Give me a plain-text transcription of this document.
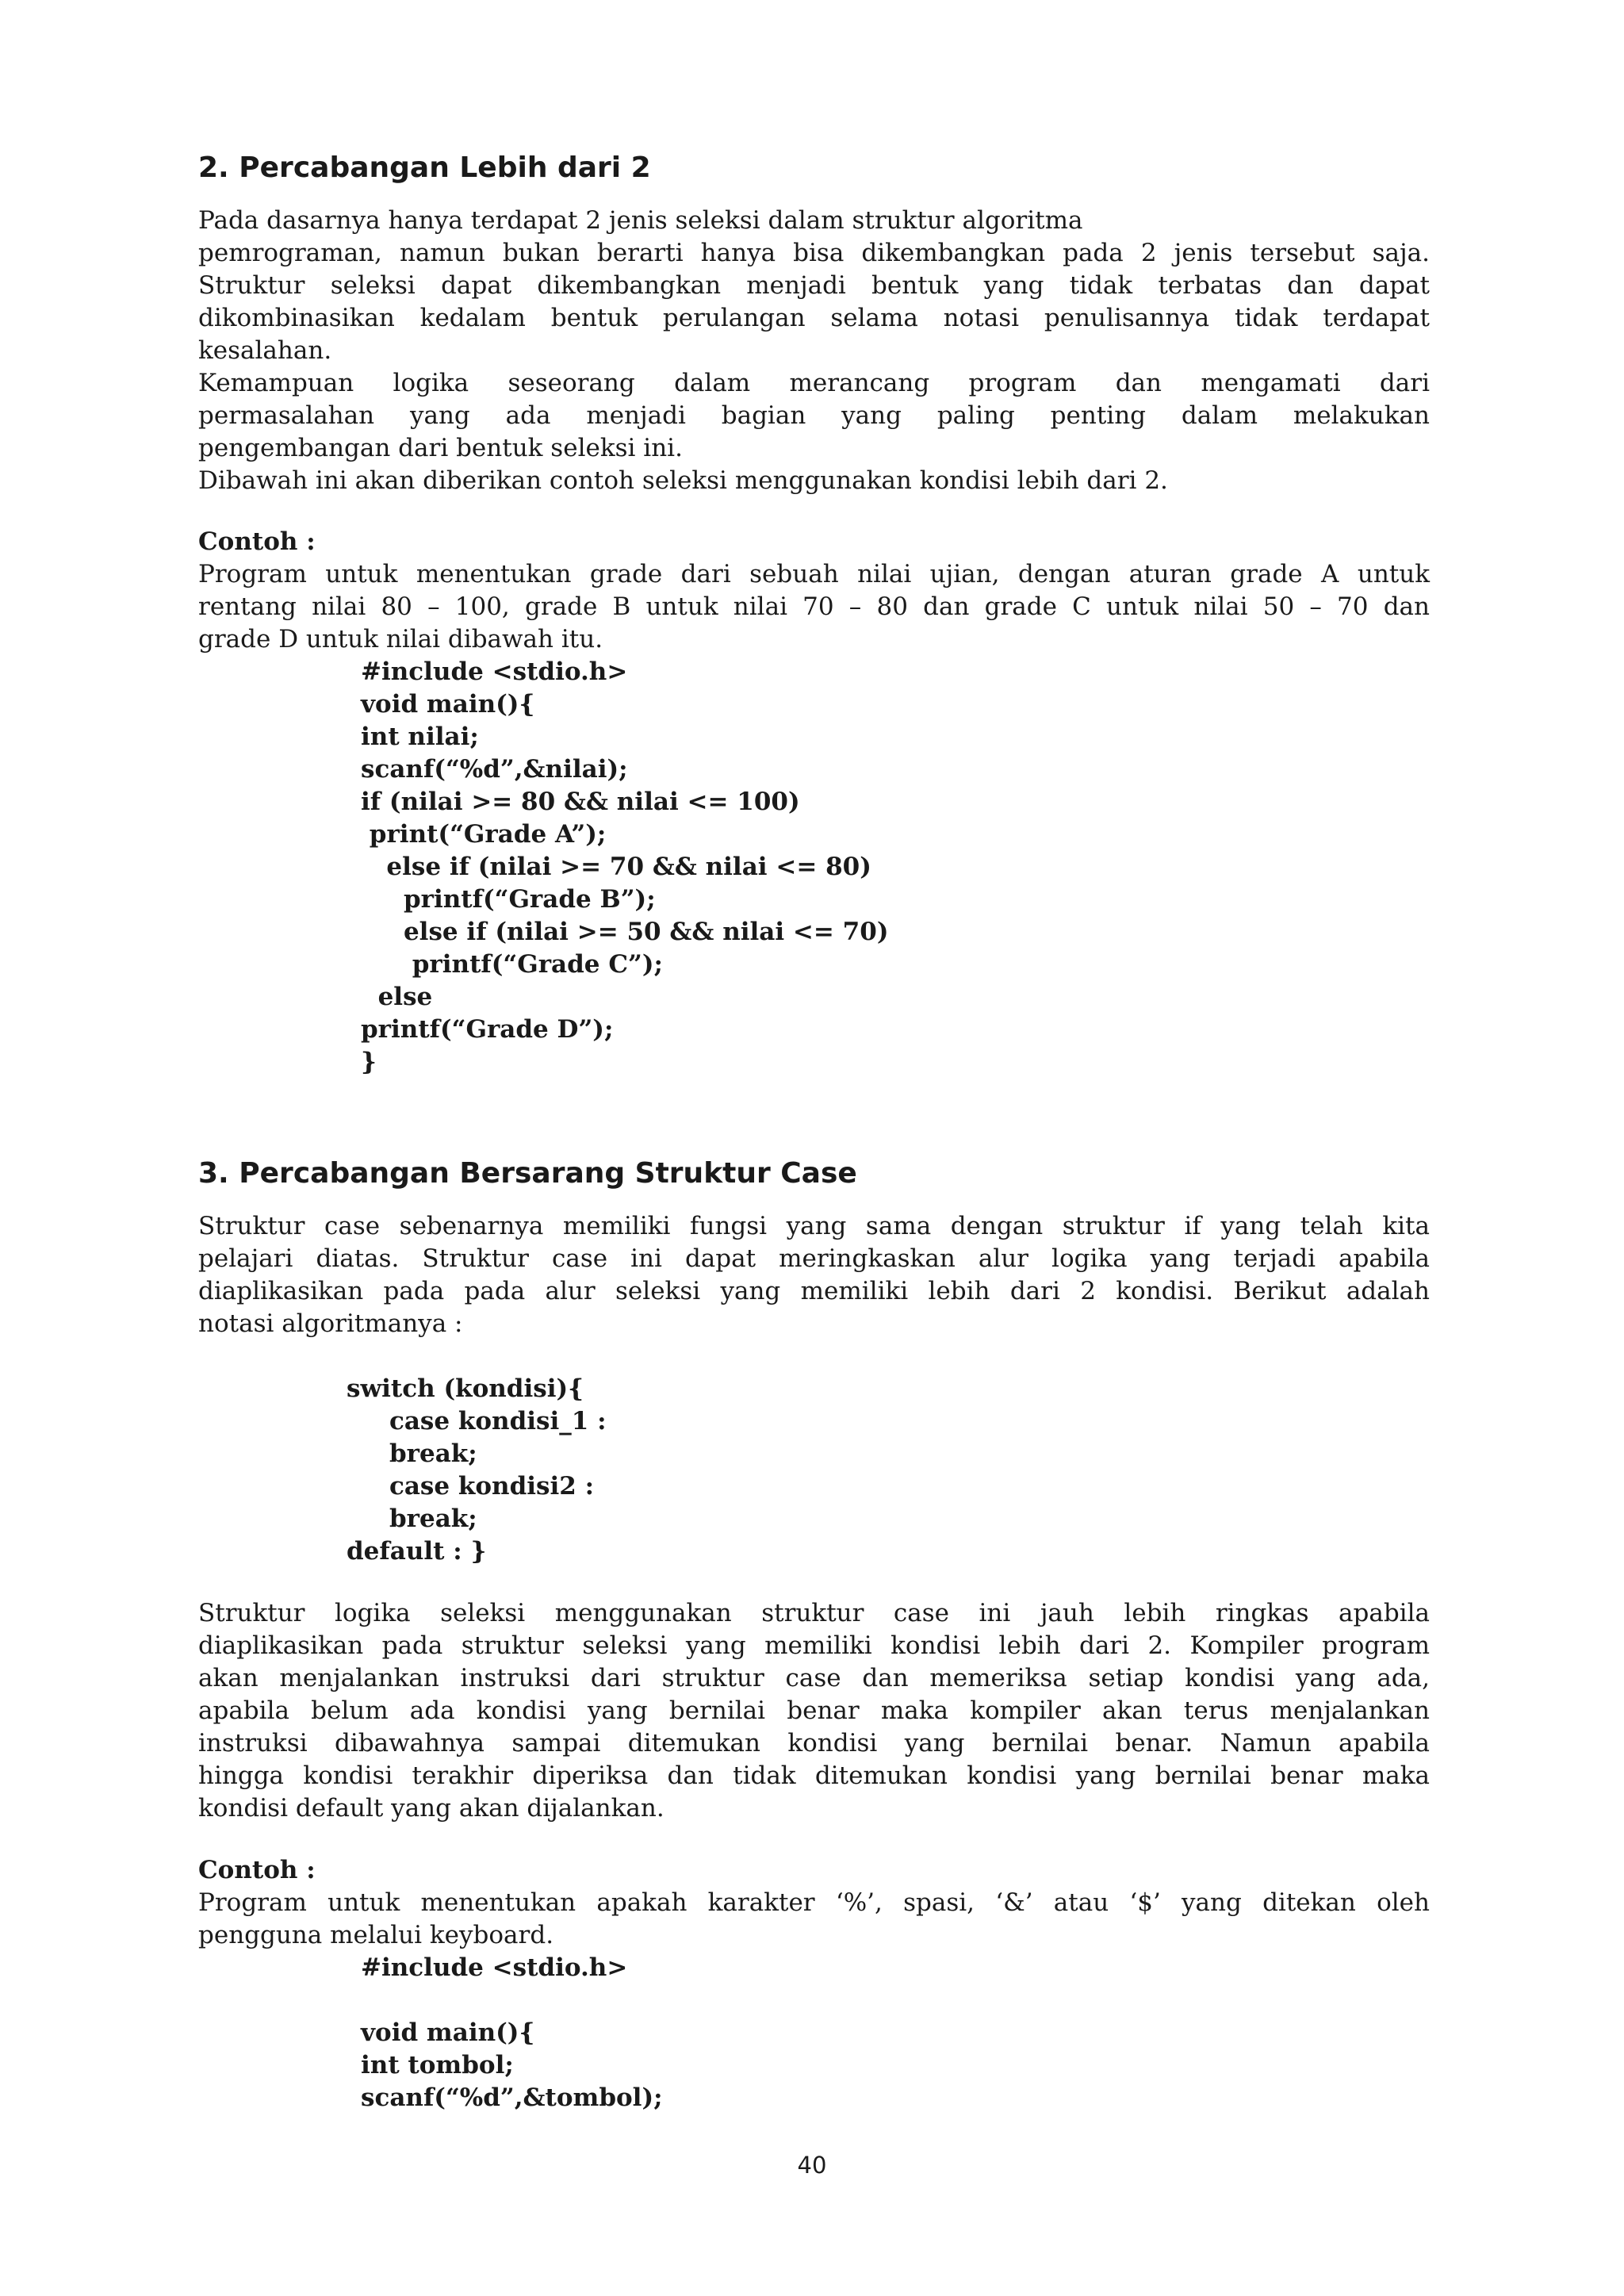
2. Percabangan Lebih dari 2
Pada dasarnya hanya terdapat 2 jenis seleksi dalam struktur algoritma
pemrograman, namun bukan berarti hanya bisa dikembangkan pada 2 jenis tersebut saja.
Struktur seleksi dapat dikembangkan menjadi bentuk yang tidak terbatas dan dapat
dikombinasikan kedalam bentuk perulangan selama notasi penulisannya tidak terdapat
kesalahan.
Kemampuan logika seseorang dalam merancang program dan mengamati dari
permasalahan yang ada menjadi bagian yang paling penting dalam melakukan
pengembangan dari bentuk seleksi ini.
Dibawah ini akan diberikan contoh seleksi menggunakan kondisi lebih dari 2.

Contoh :

Program untuk menentukan grade dari sebuah nilai ujian, dengan aturan grade A untuk
rentang nilai 80 – 100, grade B untuk nilai 70 – 80 dan grade C untuk nilai 50 – 70 dan
grade D untuk nilai dibawah itu.
#include <stdio.h>
void main(){
int nilai;
scanf(“%d”,&nilai);
if (nilai >= 80 && nilai <= 100)
print(“Grade A”);
else if (nilai >= 70 && nilai <= 80)
printf(“Grade B”);
else if (nilai >= 50 && nilai <= 70)
printf(“Grade C”);
else
printf(“Grade D”);
}
3. Percabangan Bersarang Struktur Case
Struktur case sebenarnya memiliki fungsi yang sama dengan struktur if yang telah kita
pelajari diatas. Struktur case ini dapat meringkaskan alur logika yang terjadi apabila
diaplikasikan pada pada alur seleksi yang memiliki lebih dari 2 kondisi. Berikut adalah
notasi algoritmanya :
switch (kondisi){
case kondisi_1 :
break;
case kondisi2 :
break;
default : }
Struktur logika seleksi menggunakan struktur case ini jauh lebih ringkas apabila
diaplikasikan pada struktur seleksi yang memiliki kondisi lebih dari 2. Kompiler program
akan menjalankan instruksi dari struktur case dan memeriksa setiap kondisi yang ada,
apabila belum ada kondisi yang bernilai benar maka kompiler akan terus menjalankan
instruksi dibawahnya sampai ditemukan kondisi yang bernilai benar. Namun apabila
hingga kondisi terakhir diperiksa dan tidak ditemukan kondisi yang bernilai benar maka
kondisi default yang akan dijalankan.

Contoh :

Program untuk menentukan apakah karakter ‘%’, spasi, ‘&’ atau ‘$’ yang ditekan oleh
pengguna melalui keyboard.
#include <stdio.h>
void main(){
int tombol;
scanf(“%d”,&tombol);

40
